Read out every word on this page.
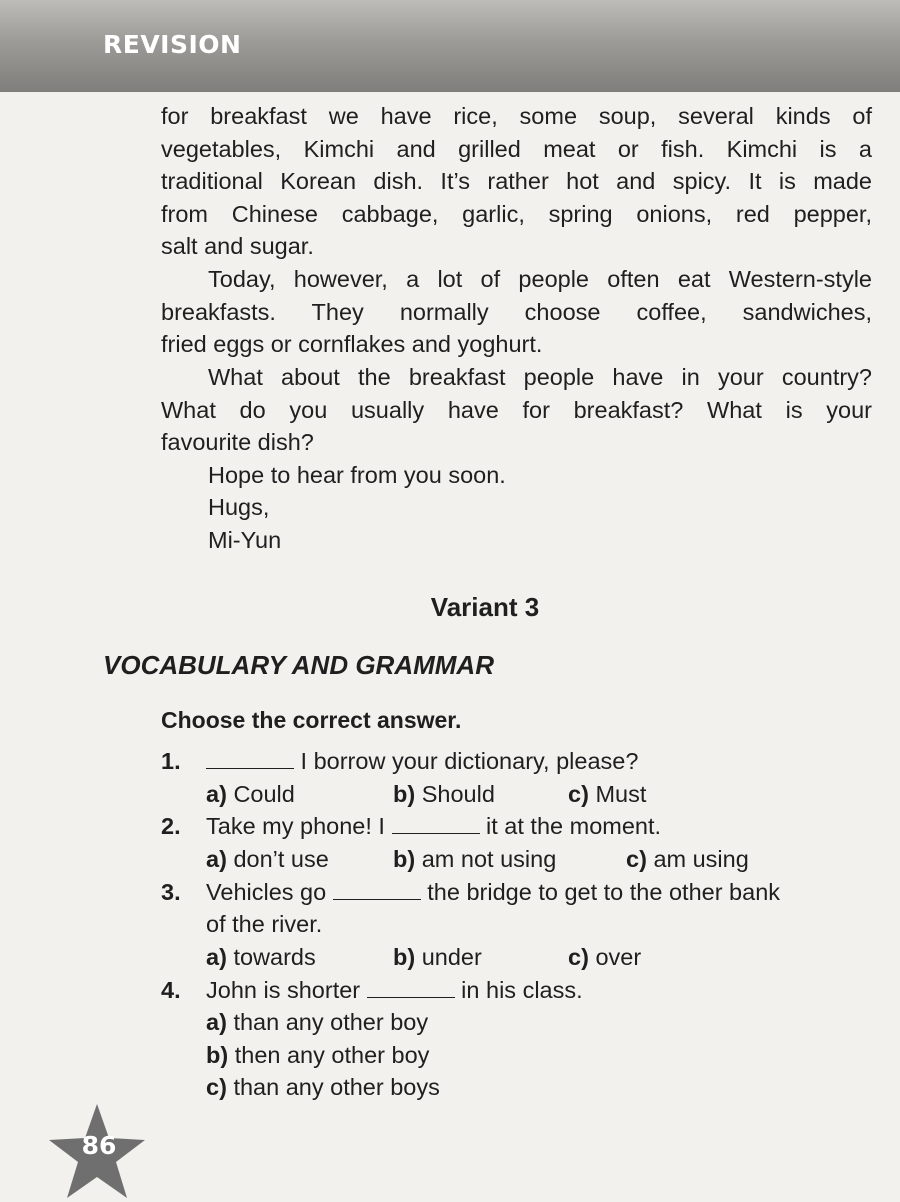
REVISION

for breakfast we have rice, some soup, several kinds of

vegetables, Kimchi and grilled meat or fish. Kimchi is a

traditional Korean dish. It’s rather hot and spicy. It is made

from Chinese cabbage, garlic, spring onions, red pepper,

salt and sugar.

Today, however, a lot of people often eat Western-style

breakfasts. They normally choose coffee, sandwiches,

fried eggs or cornflakes and yoghurt.

What about the breakfast people have in your country?

What do you usually have for breakfast? What is your

favourite dish?

Hope to hear from you soon.

Hugs,

Mi-Yun

Variant 3
VOCABULARY AND GRAMMAR
Choose the correct answer.
1.	I borrow your dictionary, please?
a) Could	b) Should	c) Must
2. Take my phone! I	it at the moment.
a) don’t use	b) am not using	c) am using
3. Vehicles go	the bridge to get to the other bank
of the river.
a) towards	b) under	c) over
4. John is shorter	in his class.
a) than any other boy
b) then any other boy
c) than any other boys
86
